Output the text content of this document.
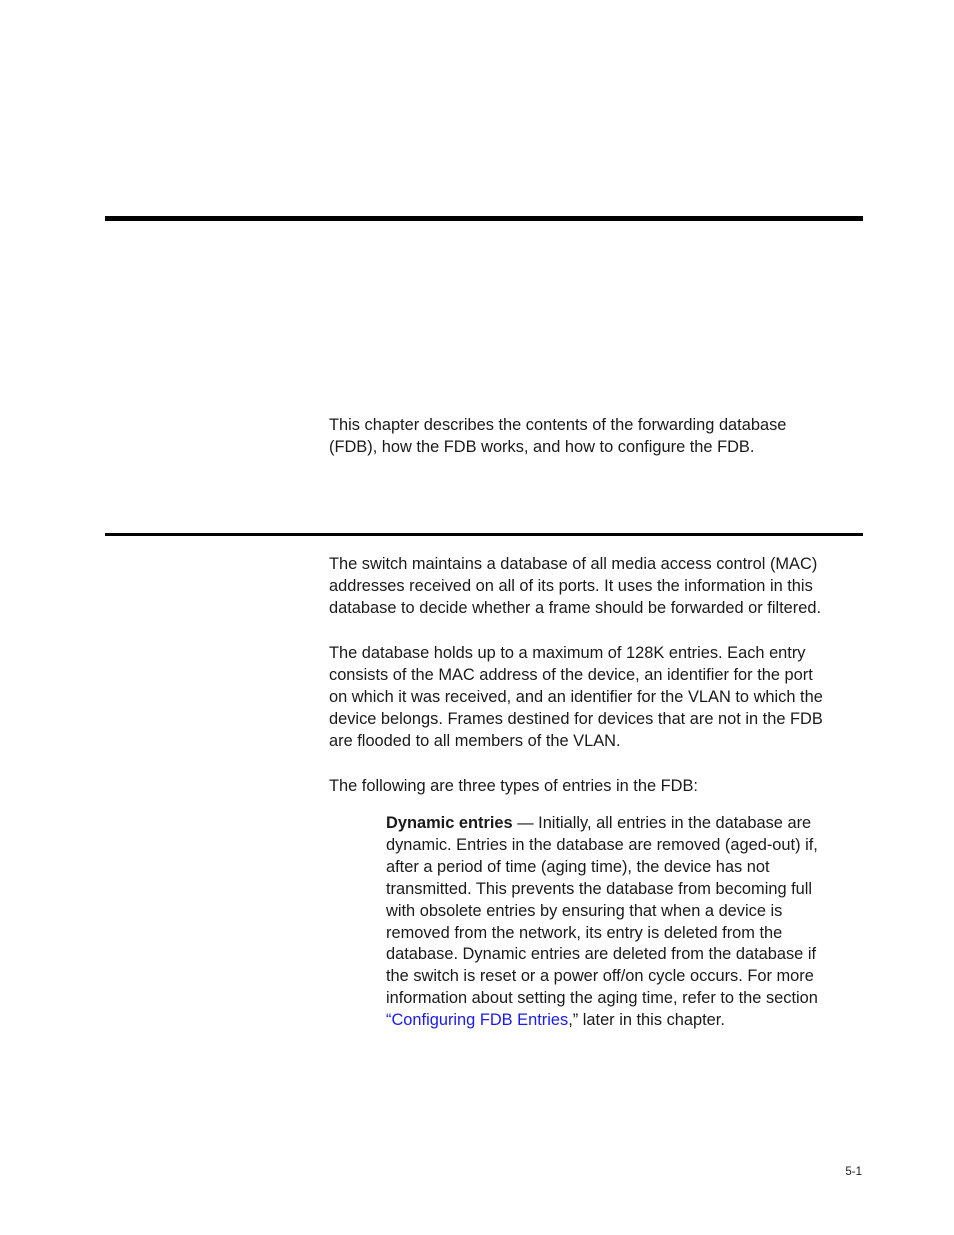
This chapter describes the contents of the forwarding database
(FDB), how the FDB works, and how to configure the FDB.

The switch maintains a database of all media access control (MAC)
addresses received on all of its ports. It uses the information in this
database to decide whether a frame should be forwarded or filtered.

The database holds up to a maximum of 128K entries. Each entry
consists of the MAC address of the device, an identifier for the port
on which it was received, and an identifier for the VLAN to which the
device belongs. Frames destined for devices that are not in the FDB
are flooded to all members of the VLAN.

The following are three types of entries in the FDB:

Dynamic entries — Initially, all entries in the database are
dynamic. Entries in the database are removed (aged-out) if,
after a period of time (aging time), the device has not
transmitted. This prevents the database from becoming full
with obsolete entries by ensuring that when a device is
removed from the network, its entry is deleted from the
database. Dynamic entries are deleted from the database if
the switch is reset or a power off/on cycle occurs. For more
information about setting the aging time, refer to the section
“Configuring FDB Entries,” later in this chapter.

5-1
